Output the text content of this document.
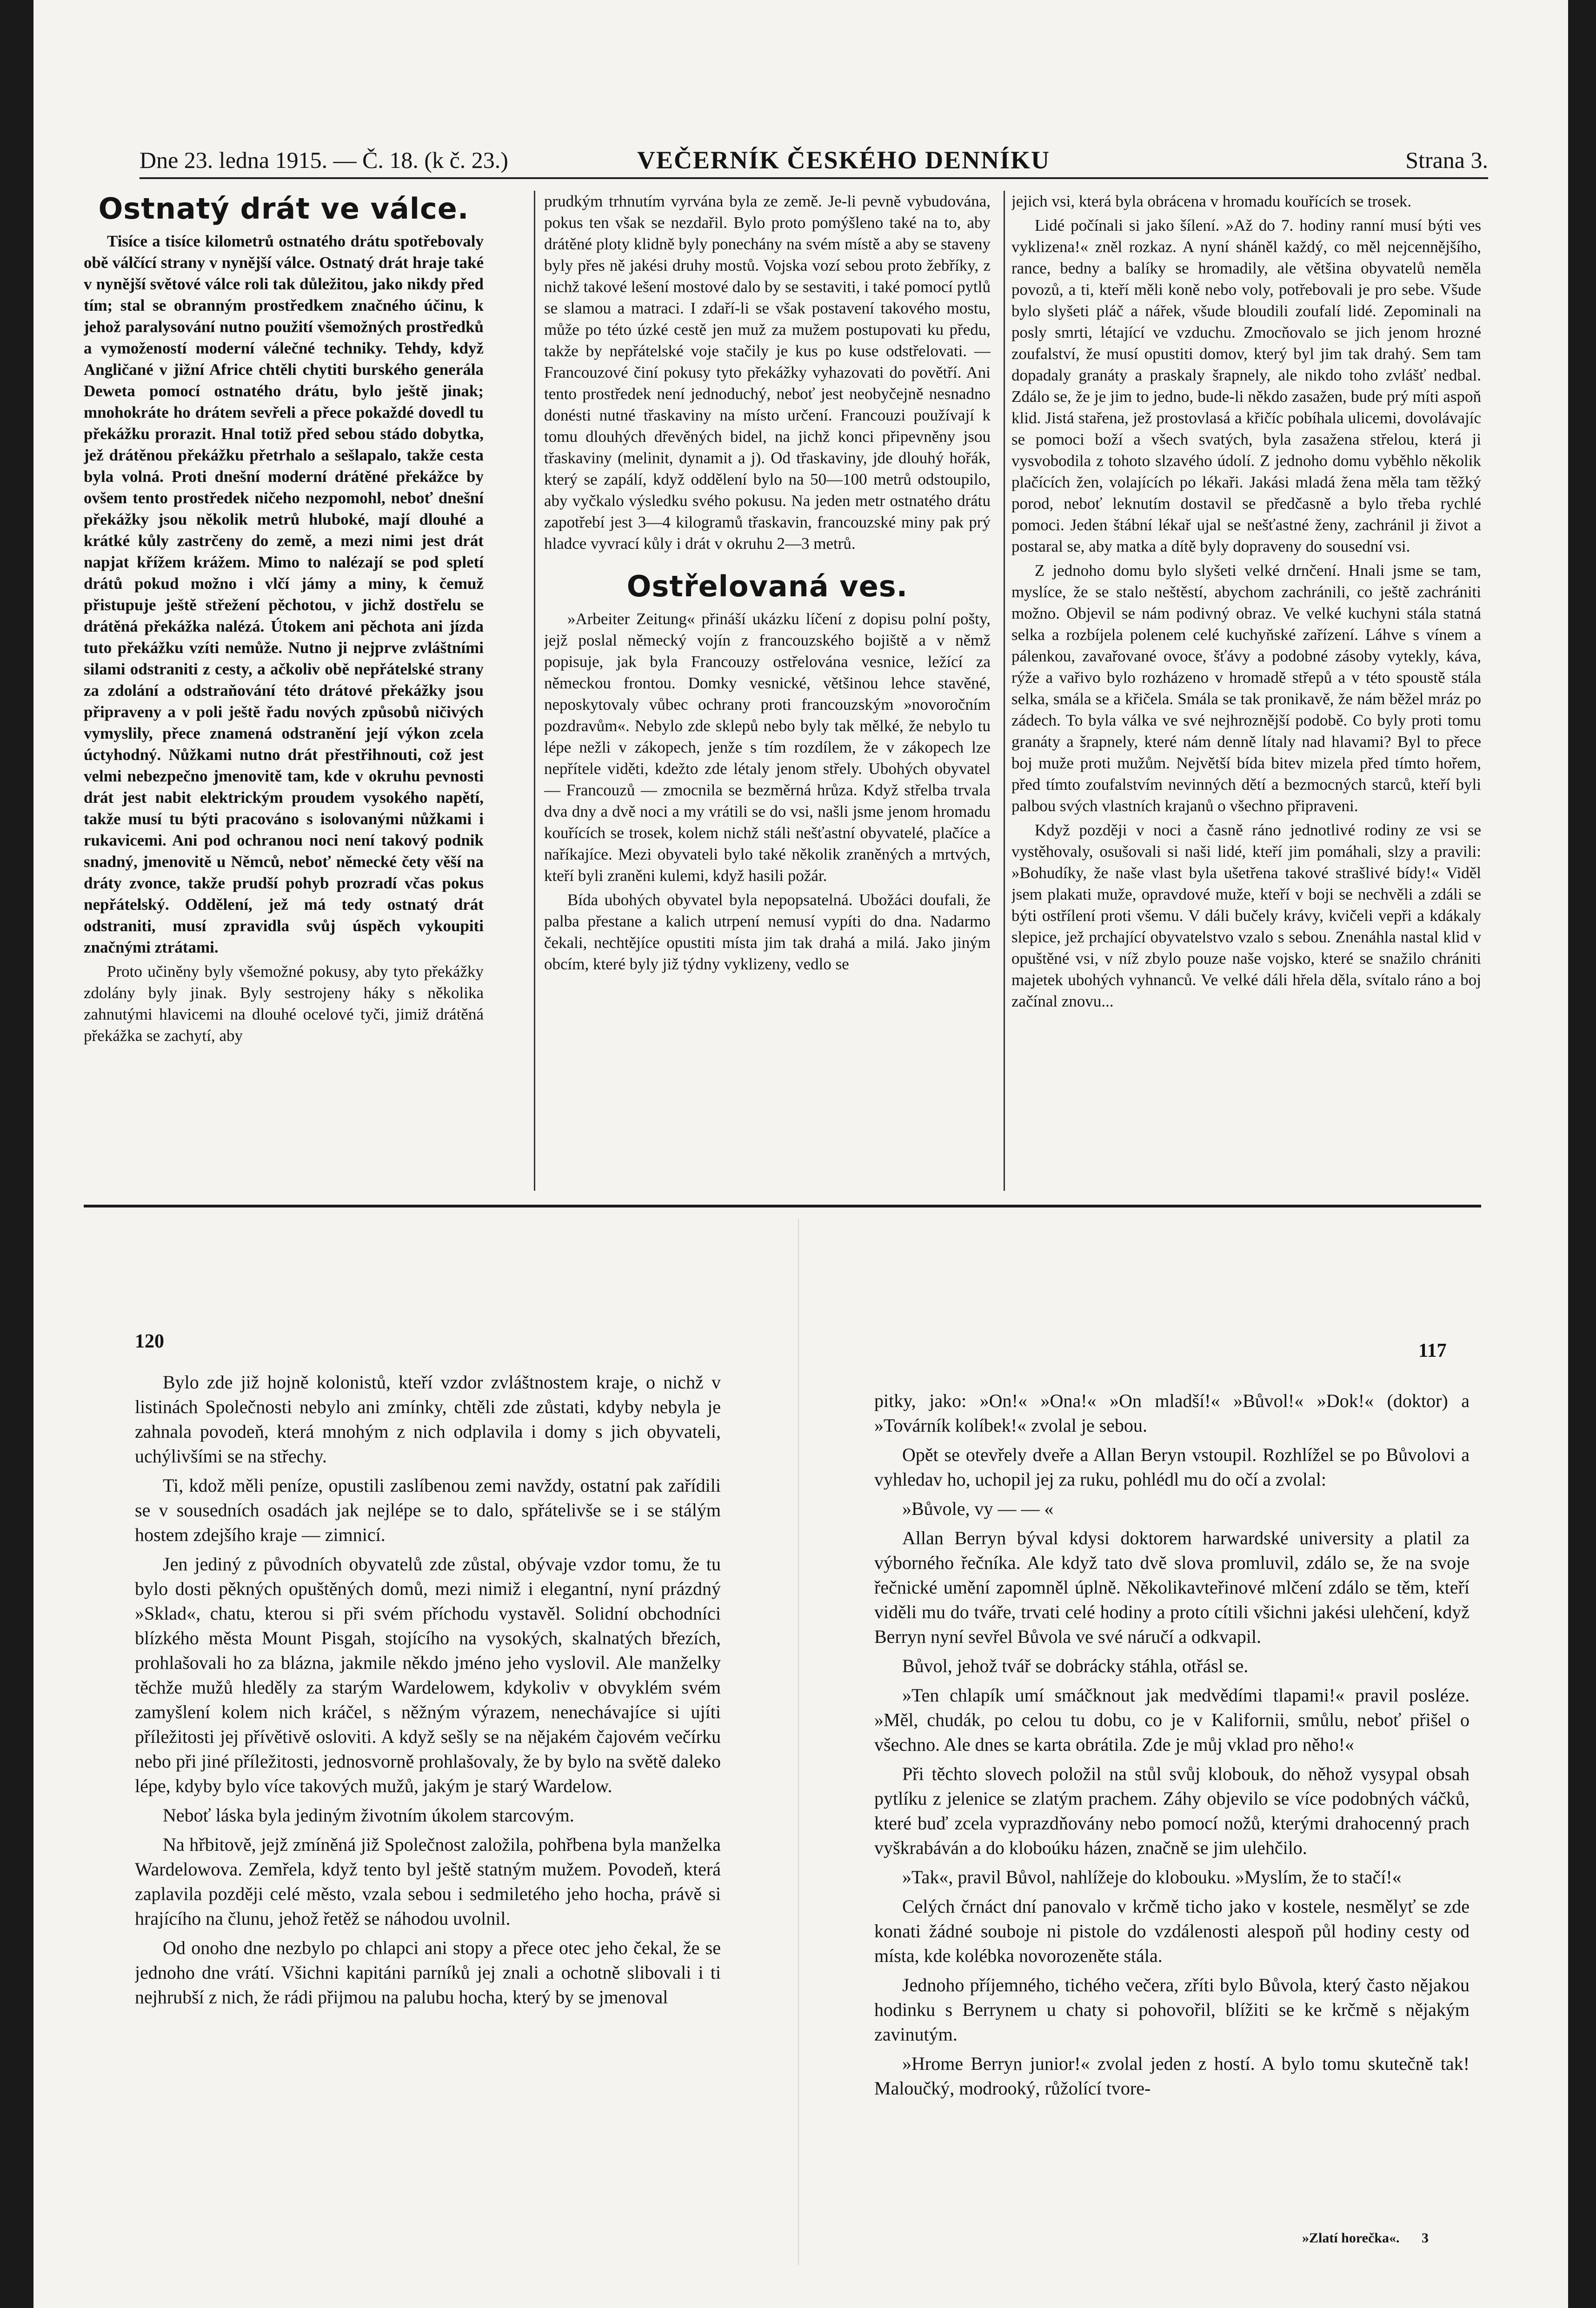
Dne 23. ledna 1915. — Č. 18. (k č. 23.)	VEČERNÍK ČESKÉHO DENNÍKU	Strana 3.

Ostnatý drát ve válce.

Tisíce a tisíce kilometrů ostnatého drátu spotřebovaly obě válčící strany v nynější válce. Ostnatý drát hraje také v nynější světové válce roli tak důležitou, jako nikdy před tím; stal se obranným prostředkem značného účinu, k jehož paralysování nutno použití všemožných prostředků a vymožeností moderní válečné techniky. Tehdy, když Angličané v jižní Africe chtěli chytiti burského generála Deweta pomocí ostnatého drátu, bylo ještě jinak; mnohokráte ho drátem sevřeli a přece pokaždé dovedl tu překážku prorazit. Hnal totiž před sebou stádo dobytka, jež drátěnou překážku přetrhalo a sešlapalo, takže cesta byla volná. Proti dnešní moderní drátěné překážce by ovšem tento prostředek ničeho nezpomohl, neboť dnešní překážky jsou několik metrů hluboké, mají dlouhé a krátké kůly zastrčeny do země, a mezi nimi jest drát napjat křížem krážem. Mimo to nalézají se pod spletí drátů pokud možno i vlčí jámy a miny, k čemuž přistupuje ještě střežení pěchotou, v jichž dostřelu se drátěná překážka nalézá. Útokem ani pěchota ani jízda tuto překážku vzíti nemůže. Nutno ji nejprve zvláštními silami odstraniti z cesty, a ačkoliv obě nepřátelské strany za zdolání a odstraňování této drátové překážky jsou připraveny a v poli ještě řadu nových způsobů ničivých vymyslily, přece znamená odstranění její výkon zcela úctyhodný. Nůžkami nutno drát přestřihnouti, což jest velmi nebezpečno jmenovitě tam, kde v okruhu pevnosti drát jest nabit elektrickým proudem vysokého napětí, takže musí tu býti pracováno s isolovanými nůžkami i rukavicemi. Ani pod ochranou noci není takový podnik snadný, jmenovitě u Němců, neboť německé čety věší na dráty zvonce, takže prudší pohyb prozradí včas pokus nepřátelský. Oddělení, jež má tedy ostnatý drát odstraniti, musí zpravidla svůj úspěch vykoupiti značnými ztrátami.

Proto učiněny byly všemožné pokusy, aby tyto překážky zdolány byly jinak. Byly sestrojeny háky s několika zahnutými hlavicemi na dlouhé ocelové tyči, jimiž drátěná překážka se zachytí, aby

prudkým trhnutím vyrvána byla ze země. Je-li pevně vybudována, pokus ten však se nezdařil. Bylo proto pomýšleno také na to, aby drátěné ploty klidně byly ponechány na svém místě a aby se staveny byly přes ně jakési druhy mostů. Vojska vozí sebou proto žebříky, z nichž takové lešení mostové dalo by se sestaviti, i také pomocí pytlů se slamou a matraci. I zdaří-li se však postavení takového mostu, může po této úzké cestě jen muž za mužem postupovati ku předu, takže by nepřátelské voje stačily je kus po kuse odstřelovati. — Francouzové činí pokusy tyto překážky vyhazovati do povětří. Ani tento prostředek není jednoduchý, neboť jest neobyčejně nesnadno donésti nutné třaskaviny na místo určení. Francouzi používají k tomu dlouhých dřevěných bidel, na jichž konci připevněny jsou třaskaviny (melinit, dynamit a j). Od třaskaviny, jde dlouhý hořák, který se zapálí, když oddělení bylo na 50—100 metrů odstoupilo, aby vyčkalo výsledku svého pokusu. Na jeden metr ostnatého drátu zapotřebí jest 3—4 kilogramů třaskavin, francouzské miny pak prý hladce vyvrací kůly i drát v okruhu 2—3 metrů.

Ostřelovaná ves.

»Arbeiter Zeitung« přináší ukázku líčení z dopisu polní pošty, jejž poslal německý vojín z francouzského bojiště a v němž popisuje, jak byla Francouzy ostřelována vesnice, ležící za německou frontou. Domky vesnické, většinou lehce stavěné, neposkytovaly vůbec ochrany proti francouzským »novoročním pozdravům«. Nebylo zde sklepů nebo byly tak mělké, že nebylo tu lépe nežli v zákopech, jenže s tím rozdílem, že v zákopech lze nepřítele viděti, kdežto zde létaly jenom střely. Ubohých obyvatel — Francouzů — zmocnila se bezměrná hrůza. Když střelba trvala dva dny a dvě noci a my vrátili se do vsi, našli jsme jenom hromadu kouřících se trosek, kolem nichž stáli nešťastní obyvatelé, plačíce a naříkajíce. Mezi obyvateli bylo také několik zraněných a mrtvých, kteří byli zraněni kulemi, když hasili požár.

Bída ubohých obyvatel byla nepopsatelná. Ubožáci doufali, že palba přestane a kalich utrpení nemusí vypíti do dna. Nadarmo čekali, nechtějíce opustiti místa jim tak drahá a milá. Jako jiným obcím, které byly již týdny vyklizeny, vedlo se

jejich vsi, která byla obrácena v hromadu kouřících se trosek.

Lidé počínali si jako šílení. »Až do 7. hodiny ranní musí býti ves vyklizena!« zněl rozkaz. A nyní sháněl každý, co měl nejcennějšího, rance, bedny a balíky se hromadily, ale většina obyvatelů neměla povozů, a ti, kteří měli koně nebo voly, potřebovali je pro sebe. Všude bylo slyšeti pláč a nářek, všude bloudili zoufalí lidé. Zepominali na posly smrti, létající ve vzduchu. Zmocňovalo se jich jenom hrozné zoufalství, že musí opustiti domov, který byl jim tak drahý. Sem tam dopadaly granáty a praskaly šrapnely, ale nikdo toho zvlášť nedbal. Zdálo se, že je jim to jedno, bude-li někdo zasažen, bude prý míti aspoň klid. Jistá stařena, jež prostovlasá a křičíc pobíhala ulicemi, dovolávajíc se pomoci boží a všech svatých, byla zasažena střelou, která ji vysvobodila z tohoto slzavého údolí. Z jednoho domu vyběhlo několik plačících žen, volajících po lékaři. Jakási mladá žena měla tam těžký porod, neboť leknutím dostavil se předčasně a bylo třeba rychlé pomoci. Jeden štábní lékař ujal se nešťastné ženy, zachránil ji život a postaral se, aby matka a dítě byly dopraveny do sousední vsi.

Z jednoho domu bylo slyšeti velké drnčení. Hnali jsme se tam, myslíce, že se stalo neštěstí, abychom zachránili, co ještě zachrániti možno. Objevil se nám podivný obraz. Ve velké kuchyni stála statná selka a rozbíjela polenem celé kuchyňské zařízení. Láhve s vínem a pálenkou, zavařované ovoce, šťávy a podobné zásoby vytekly, káva, rýže a vařivo bylo rozházeno v hromadě střepů a v této spoustě stála selka, smála se a křičela. Smála se tak pronikavě, že nám běžel mráz po zádech. To byla válka ve své nejhroznější podobě. Co byly proti tomu granáty a šrapnely, které nám denně lítaly nad hlavami? Byl to přece boj muže proti mužům. Největší bída bitev mizela před tímto hořem, před tímto zoufalstvím nevinných dětí a bezmocných starců, kteří byli palbou svých vlastních krajanů o všechno připraveni.

Když později v noci a časně ráno jednotlivé rodiny ze vsi se vystěhovaly, osušovali si naši lidé, kteří jim pomáhali, slzy a pravili: »Bohudíky, že naše vlast byla ušetřena takové strašlivé bídy!« Viděl jsem plakati muže, opravdové muže, kteří v boji se nechvěli a zdáli se býti ostřílení proti všemu. V dáli bučely krávy, kvičeli vepři a kdákaly slepice, jež prchající obyvatelstvo vzalo s sebou. Znenáhla nastal klid v opuštěné vsi, v níž zbylo pouze naše vojsko, které se snažilo chrániti majetek ubohých vyhnanců. Ve velké dáli hřela děla, svítalo ráno a boj začínal znovu...

120

Bylo zde již hojně kolonistů, kteří vzdor zvláštnostem kraje, o nichž v listinách Společnosti nebylo ani zmínky, chtěli zde zůstati, kdyby nebyla je zahnala povodeň, která mnohým z nich odplavila i domy s jich obyvateli, uchýlivšími se na střechy.

Ti, kdož měli peníze, opustili zaslíbenou zemi navždy, ostatní pak zařídili se v sousedních osadách jak nejlépe se to dalo, spřátelivše se i se stálým hostem zdejšího kraje — zimnicí.

Jen jediný z původních obyvatelů zde zůstal, obývaje vzdor tomu, že tu bylo dosti pěkných opuštěných domů, mezi nimiž i elegantní, nyní prázdný »Sklad«, chatu, kterou si při svém příchodu vystavěl. Solidní obchodníci blízkého města Mount Pisgah, stojícího na vysokých, skalnatých březích, prohlašovali ho za blázna, jakmile někdo jméno jeho vyslovil. Ale manželky těchže mužů hleděly za starým Wardelowem, kdykoliv v obvyklém svém zamyšlení kolem nich kráčel, s něžným výrazem, nenechávajíce si ujíti příležitosti jej přívětivě osloviti. A když sešly se na nějakém čajovém večírku nebo při jiné příležitosti, jednosvorně prohlašovaly, že by bylo na světě daleko lépe, kdyby bylo více takových mužů, jakým je starý Wardelow.

Neboť láska byla jediným životním úkolem starcovým.

Na hřbitově, jejž zmíněná již Společnost založila, pohřbena byla manželka Wardelowova. Zemřela, když tento byl ještě statným mužem. Povodeň, která zaplavila později celé město, vzala sebou i sedmiletého jeho hocha, právě si hrajícího na člunu, jehož řetěž se náhodou uvolnil.

Od onoho dne nezbylo po chlapci ani stopy a přece otec jeho čekal, že se jednoho dne vrátí. Všichni kapitáni parníků jej znali a ochotně slibovali i ti nejhrubší z nich, že rádi přijmou na palubu hocha, který by se jmenoval

117

pitky, jako: »On!« »Ona!« »On mladší!« »Bůvol!« »Dok!« (doktor) a »Továrník kolíbek!« zvolal je sebou.

Opět se otevřely dveře a Allan Beryn vstoupil. Rozhlížel se po Bůvolovi a vyhledav ho, uchopil jej za ruku, pohlédl mu do očí a zvolal:

»Bůvole, vy — — «

Allan Berryn býval kdysi doktorem harwardské university a platil za výborného řečníka. Ale když tato dvě slova promluvil, zdálo se, že na svoje řečnické umění zapomněl úplně. Několikavteřinové mlčení zdálo se těm, kteří viděli mu do tváře, trvati celé hodiny a proto cítili všichni jakési ulehčení, když Berryn nyní sevřel Bůvola ve své náručí a odkvapil.

Bůvol, jehož tvář se dobrácky stáhla, otřásl se.

»Ten chlapík umí smáčknout jak medvědími tlapami!« pravil posléze. »Měl, chudák, po celou tu dobu, co je v Kalifornii, smůlu, neboť přišel o všechno. Ale dnes se karta obrátila. Zde je můj vklad pro něho!«

Při těchto slovech položil na stůl svůj klobouk, do něhož vysypal obsah pytlíku z jelenice se zlatým prachem. Záhy objevilo se více podobných váčků, které buď zcela vyprazdňovány nebo pomocí nožů, kterými drahocenný prach vyškrabáván a do kloboúku házen, značně se jim ulehčilo.

»Tak«, pravil Bůvol, nahlížeje do klobouku. »Myslím, že to stačí!«

Celých črnáct dní panovalo v krčmě ticho jako v kostele, nesmělyť se zde konati žádné souboje ni pistole do vzdálenosti alespoň půl hodiny cesty od místa, kde kolébka novorozeněte stála.

Jednoho příjemného, tichého večera, zříti bylo Bůvola, který často nějakou hodinku s Berrynem u chaty si pohovořil, blížiti se ke krčmě s nějakým zavinutým.

»Hrome Berryn junior!« zvolal jeden z hostí. A bylo tomu skutečně tak! Maloučký, modrooký, růžolící tvore-

»Zlatí horečka«. 3
